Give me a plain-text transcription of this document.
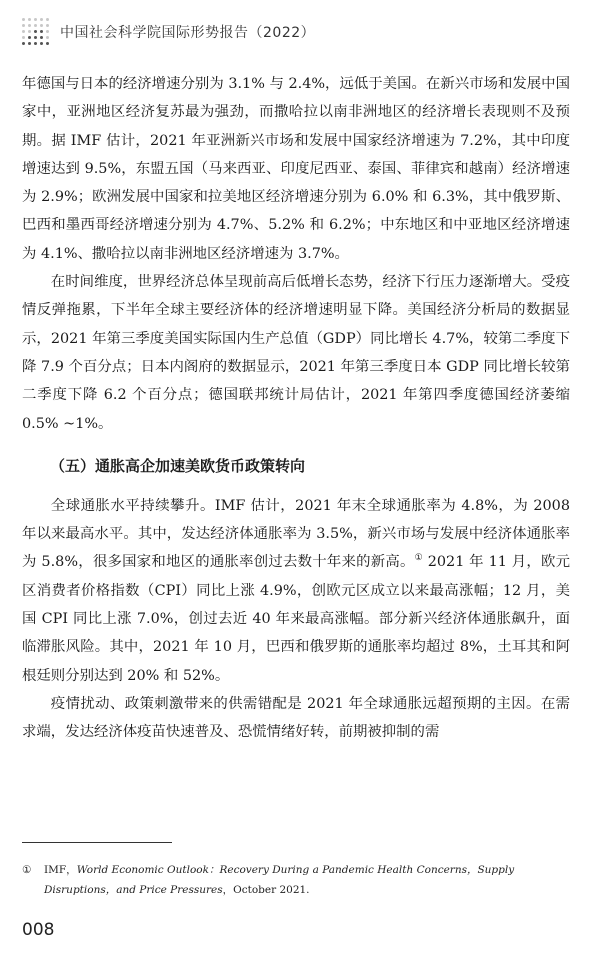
中国社会科学院国际形势报告（2022）

年德国与日本的经济增速分别为 3.1% 与 2.4%，远低于美国。在新兴市场和发展中国家中，亚洲地区经济复苏最为强劲，而撒哈拉以南非洲地区的经济增长表现则不及预期。据 IMF 估计，2021 年亚洲新兴市场和发展中国家经济增速为 7.2%，其中印度增速达到 9.5%，东盟五国（马来西亚、印度尼西亚、泰国、菲律宾和越南）经济增速为 2.9%；欧洲发展中国家和拉美地区经济增速分别为 6.0% 和 6.3%，其中俄罗斯、巴西和墨西哥经济增速分别为 4.7%、5.2% 和 6.2%；中东地区和中亚地区经济增速为 4.1%、撒哈拉以南非洲地区经济增速为 3.7%。

在时间维度，世界经济总体呈现前高后低增长态势，经济下行压力逐渐增大。受疫情反弹拖累，下半年全球主要经济体的经济增速明显下降。美国经济分析局的数据显示，2021 年第三季度美国实际国内生产总值（GDP）同比增长 4.7%，较第二季度下降 7.9 个百分点；日本内阁府的数据显示，2021 年第三季度日本 GDP 同比增长较第二季度下降 6.2 个百分点；德国联邦统计局估计，2021 年第四季度德国经济萎缩 0.5% ~1%。

（五）通胀高企加速美欧货币政策转向

全球通胀水平持续攀升。IMF 估计，2021 年末全球通胀率为 4.8%，为 2008 年以来最高水平。其中，发达经济体通胀率为 3.5%，新兴市场与发展中经济体通胀率为 5.8%，很多国家和地区的通胀率创过去数十年来的新高。① 2021 年 11 月，欧元区消费者价格指数（CPI）同比上涨 4.9%，创欧元区成立以来最高涨幅；12 月，美国 CPI 同比上涨 7.0%，创过去近 40 年来最高涨幅。部分新兴经济体通胀飙升，面临滞胀风险。其中，2021 年 10 月，巴西和俄罗斯的通胀率均超过 8%，土耳其和阿根廷则分别达到 20% 和 52%。

疫情扰动、政策刺激带来的供需错配是 2021 年全球通胀远超预期的主因。在需求端，发达经济体疫苗快速普及、恐慌情绪好转，前期被抑制的需

① IMF，World Economic Outlook：Recovery During a Pandemic Health Concerns，Supply Disruptions，and Price Pressures，October 2021.
008
